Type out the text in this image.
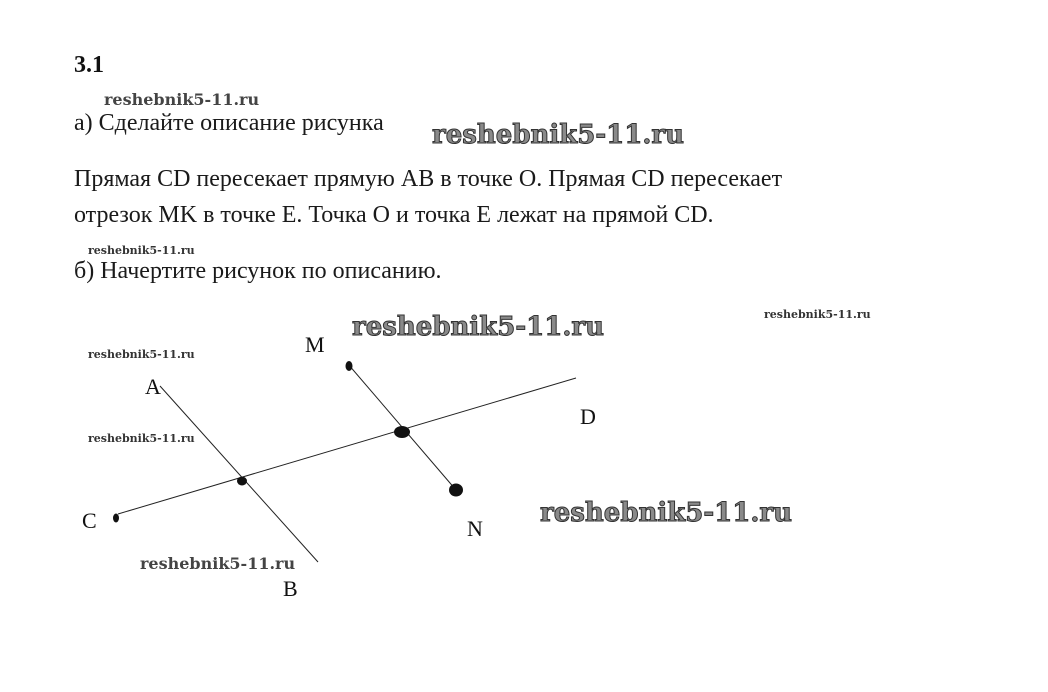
3.1
reshebnik5-11.ru
а) Сделайте описание рисунка reshebnik5-11.ru
Прямая CD пересекает прямую AB в точке O. Прямая CD пересекает
отрезок MK в точке E. Точка O и точка E лежат на прямой CD.
reshebnik5-11.ru
б) Начертите рисунок по описанию.
reshebnik5-11.ru	reshebnik5-11.ru
reshebnik5-11.ru
reshebnik5-11.ru
reshebnik5-11.ru
reshebnik5-11.ru
M
A
D
C	N
B
